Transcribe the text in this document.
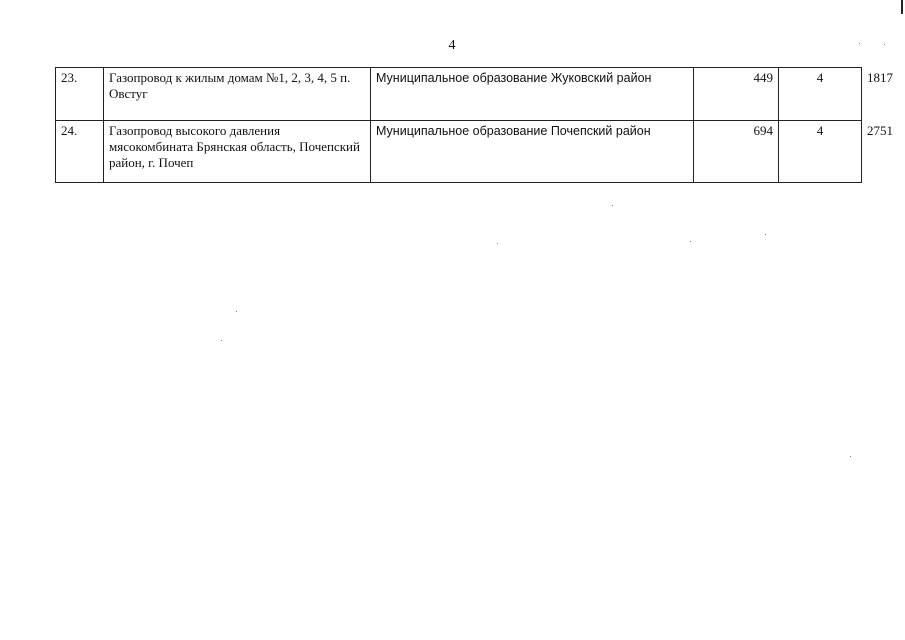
4
23.	Газопровод к жилым домам №1, 2, 3, 4, 5 п. Овстуг	Муниципальное образование Жуковский район	449	4	1817
24.	Газопровод высокого давления мясокомбината Брянская область, Почепский район, г. Почеп	Муниципальное образование Почепский район	694	4	2751
